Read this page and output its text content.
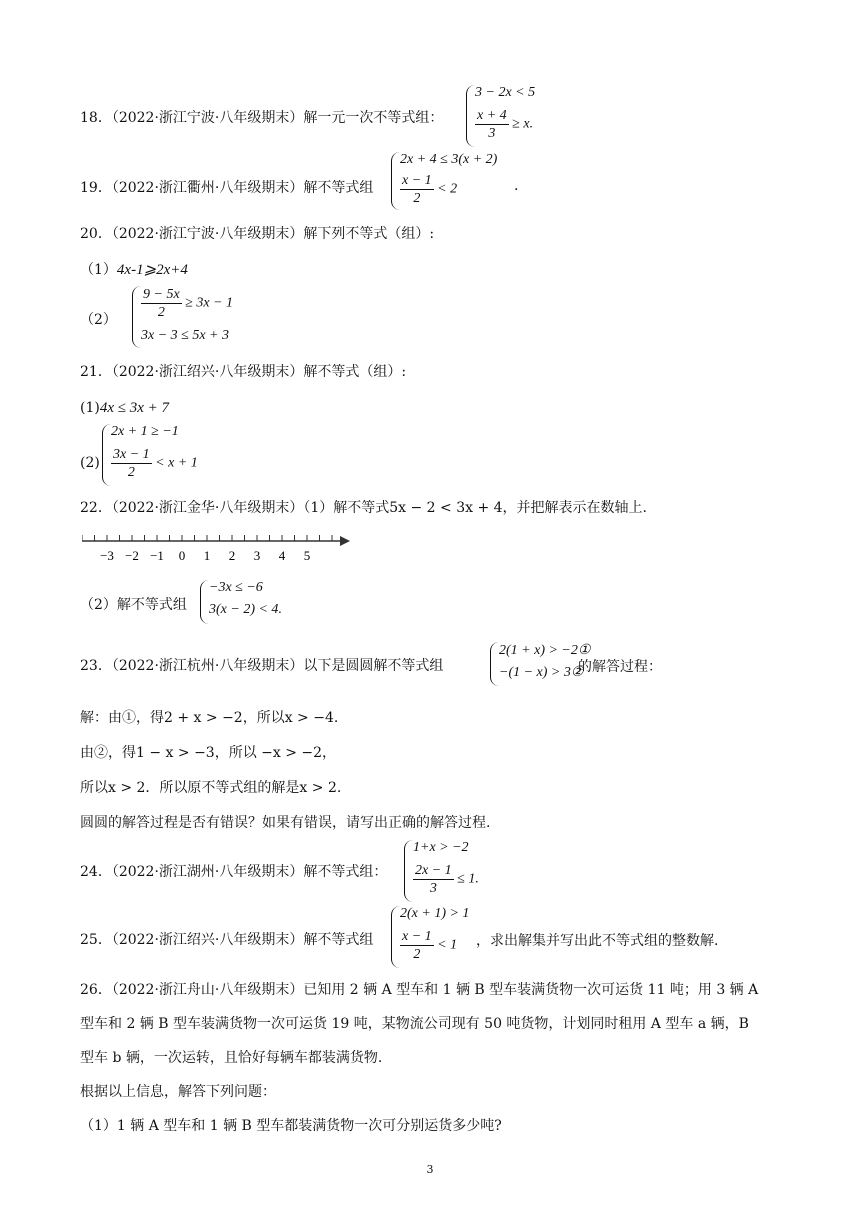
18．（2022·浙江宁波·八年级期末）解一元一次不等式组：
3 − 2x < 5
$\frac{x + 4}{3} \ge x$.
19．（2022·浙江衢州·八年级期末）解不等式组
2x + 4 ≤ 3(x + 2)
$\frac{x - 1}{2} < 2$	.
20．（2022·浙江宁波·八年级期末）解下列不等式（组）:
（1）4x-1⩾2x+4
$(2) \frac{9 - 5x}{2} \ge 3x - 1$
3x − 3 ≤ 5x + 3
21．（2022·浙江绍兴·八年级期末）解不等式（组）:
(1)4x ≤ 3x + 7
(2)
2x + 1 ≥ −1
$\frac{3x - 1}{2} < x + 1$
22．（2022·浙江金华·八年级期末）（1）解不等式5x − 2 < 3x + 4，并把解表示在数轴上.
−3 −2 −1 0 1 2 3 4 5
（2）解不等式组
−3x ≤ −6
3(x − 2) < 4.
23．（2022·浙江杭州·八年级期末）以下是圆圆解不等式组
2(1 + x) > −2①
−(1 − x) > 3②
的解答过程：
解：由①，得2 + x > −2，所以x > −4.
由②，得1 − x > −3，所以 −x > −2，
所以x > 2．所以原不等式组的解是x > 2.
圆圆的解答过程是否有错误？如果有错误，请写出正确的解答过程.
24．（2022·浙江湖州·八年级期末）解不等式组：
1+x > −2
$\frac{2x - 1}{3} \le 1$.
25．（2022·浙江绍兴·八年级期末）解不等式组
2(x + 1) > 1
$\frac{x - 1}{2} < 1$ ，求出解集并写出此不等式组的整数解.
26．（2022·浙江舟山·八年级期末）已知用 2 辆 A 型车和 1 辆 B 型车装满货物一次可运货 11 吨；用 3 辆 A
型车和 2 辆 B 型车装满货物一次可运货 19 吨，某物流公司现有 50 吨货物，计划同时租用 A 型车 a 辆，B
型车 b 辆，一次运转，且恰好每辆车都装满货物.
根据以上信息，解答下列问题：
（1）1 辆 A 型车和 1 辆 B 型车都装满货物一次可分别运货多少吨?
3
